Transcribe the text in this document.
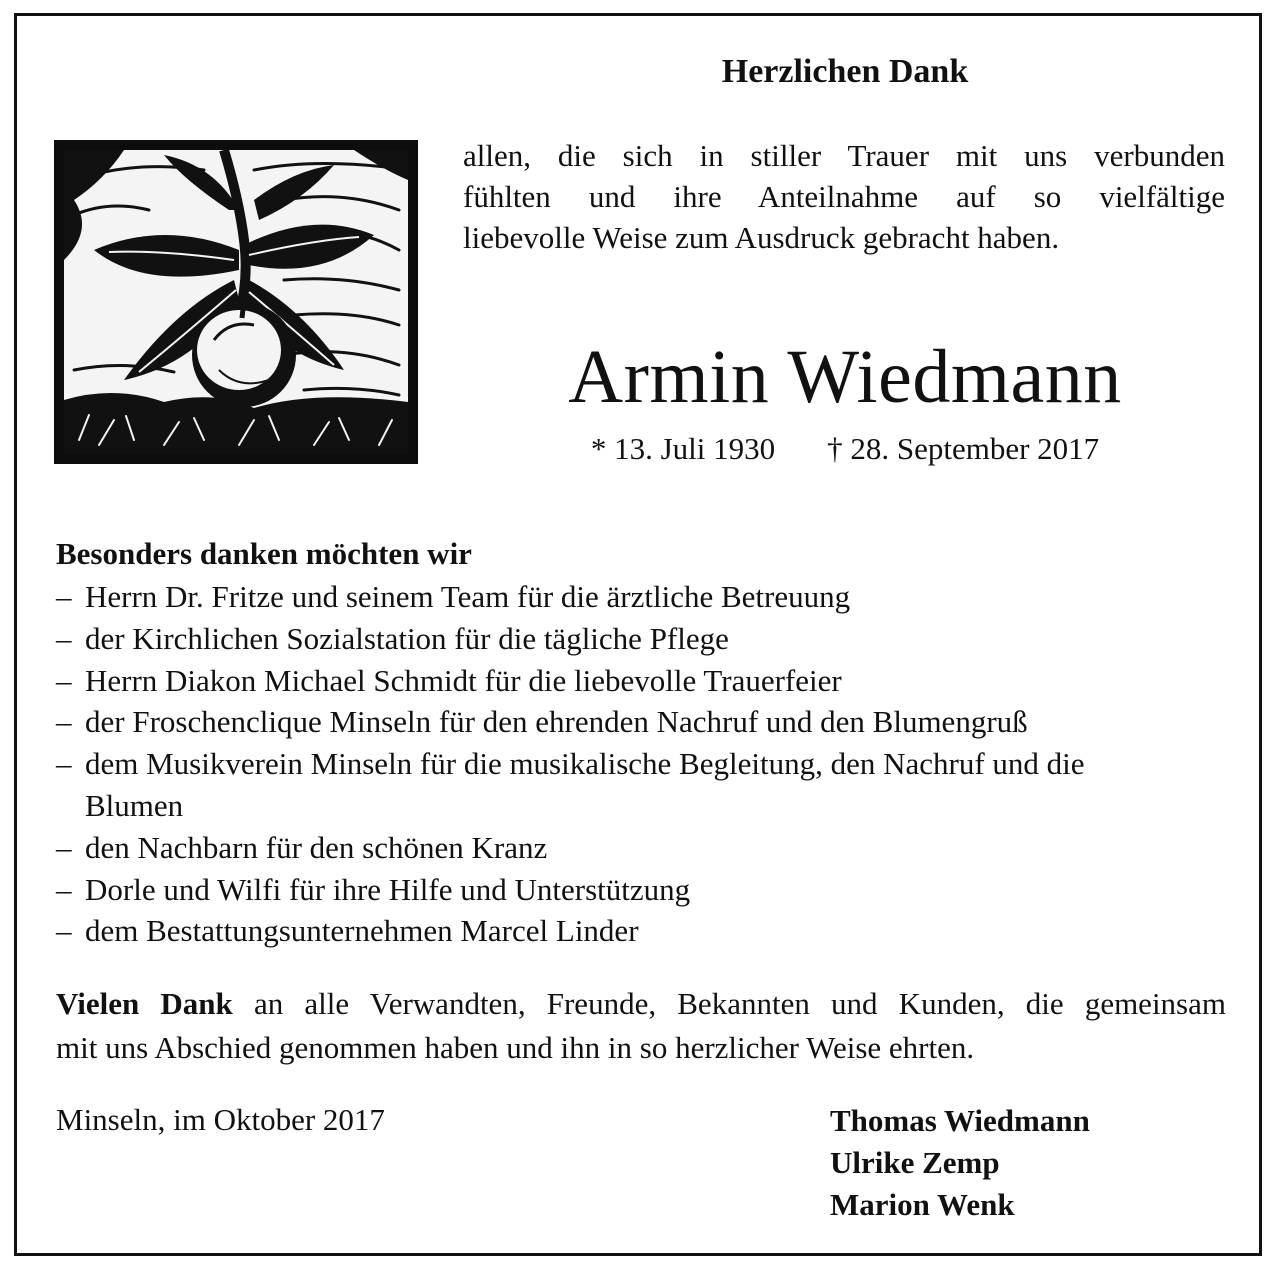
Herzlichen Dank
allen, die sich in stiller Trauer mit uns verbunden
fühlten und ihre Anteilnahme auf so vielfältige
liebevolle Weise zum Ausdruck gebracht haben.
Armin Wiedmann
* 13. Juli 1930 † 28. September 2017
Besonders danken möchten wir
– Herrn Dr. Fritze und seinem Team für die ärztliche Betreuung
– der Kirchlichen Sozialstation für die tägliche Pflege
– Herrn Diakon Michael Schmidt für die liebevolle Trauerfeier
– der Froschenclique Minseln für den ehrenden Nachruf und den Blumengruß
– dem Musikverein Minseln für die musikalische Begleitung, den Nachruf und die Blumen
– den Nachbarn für den schönen Kranz
– Dorle und Wilfi für ihre Hilfe und Unterstützung
– dem Bestattungsunternehmen Marcel Linder
Vielen Dank an alle Verwandten, Freunde, Bekannten und Kunden, die gemeinsam
mit uns Abschied genommen haben und ihn in so herzlicher Weise ehrten.
Minseln, im Oktober 2017	Thomas Wiedmann
Ulrike Zemp
Marion Wenk
